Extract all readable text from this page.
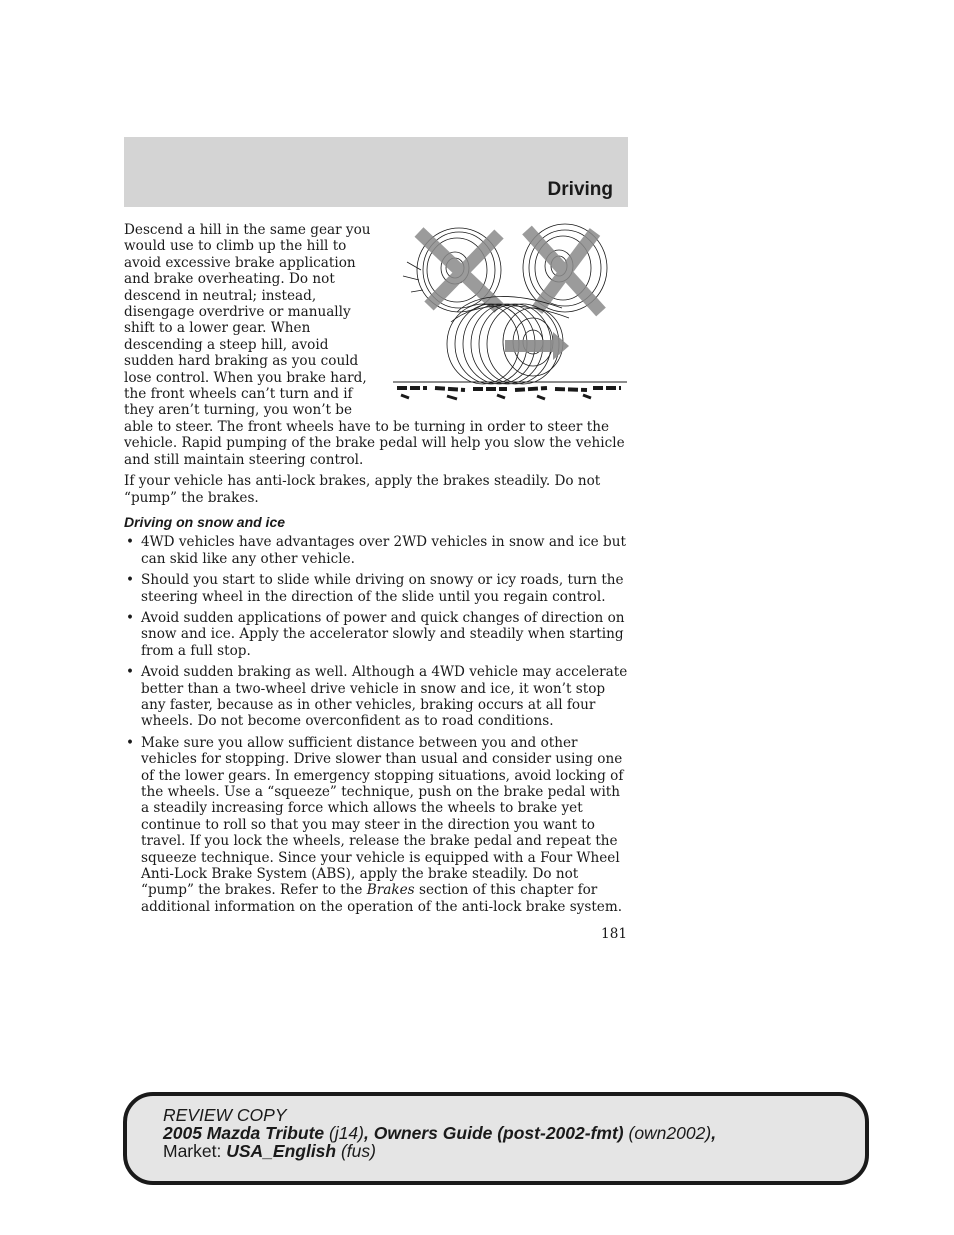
Driving

Descend a hill in the same gear you would use to climb up the hill to avoid excessive brake application and brake overheating. Do not descend in neutral; instead, disengage overdrive or manually shift to a lower gear. When descending a steep hill, avoid sudden hard braking as you could lose control. When you brake hard, the front wheels can’t turn and if they aren’t turning, you won’t be able to steer. The front wheels have to be turning in order to steer the vehicle. Rapid pumping of the brake pedal will help you slow the vehicle and still maintain steering control.

If your vehicle has anti-lock brakes, apply the brakes steadily. Do not “pump” the brakes.

Driving on snow and ice
• 4WD vehicles have advantages over 2WD vehicles in snow and ice but can skid like any other vehicle.
• Should you start to slide while driving on snowy or icy roads, turn the steering wheel in the direction of the slide until you regain control.
• Avoid sudden applications of power and quick changes of direction on snow and ice. Apply the accelerator slowly and steadily when starting from a full stop.
• Avoid sudden braking as well. Although a 4WD vehicle may accelerate better than a two-wheel drive vehicle in snow and ice, it won’t stop any faster, because as in other vehicles, braking occurs at all four wheels. Do not become overconfident as to road conditions.
• Make sure you allow sufficient distance between you and other vehicles for stopping. Drive slower than usual and consider using one of the lower gears. In emergency stopping situations, avoid locking of the wheels. Use a “squeeze” technique, push on the brake pedal with a steadily increasing force which allows the wheels to brake yet continue to roll so that you may steer in the direction you want to travel. If you lock the wheels, release the brake pedal and repeat the squeeze technique. Since your vehicle is equipped with a Four Wheel Anti-Lock Brake System (ABS), apply the brake steadily. Do not “pump” the brakes. Refer to the Brakes section of this chapter for additional information on the operation of the anti-lock brake system.
181
REVIEW COPY
2005 Mazda Tribute (j14), Owners Guide (post-2002-fmt) (own2002),
Market: USA_English (fus)
